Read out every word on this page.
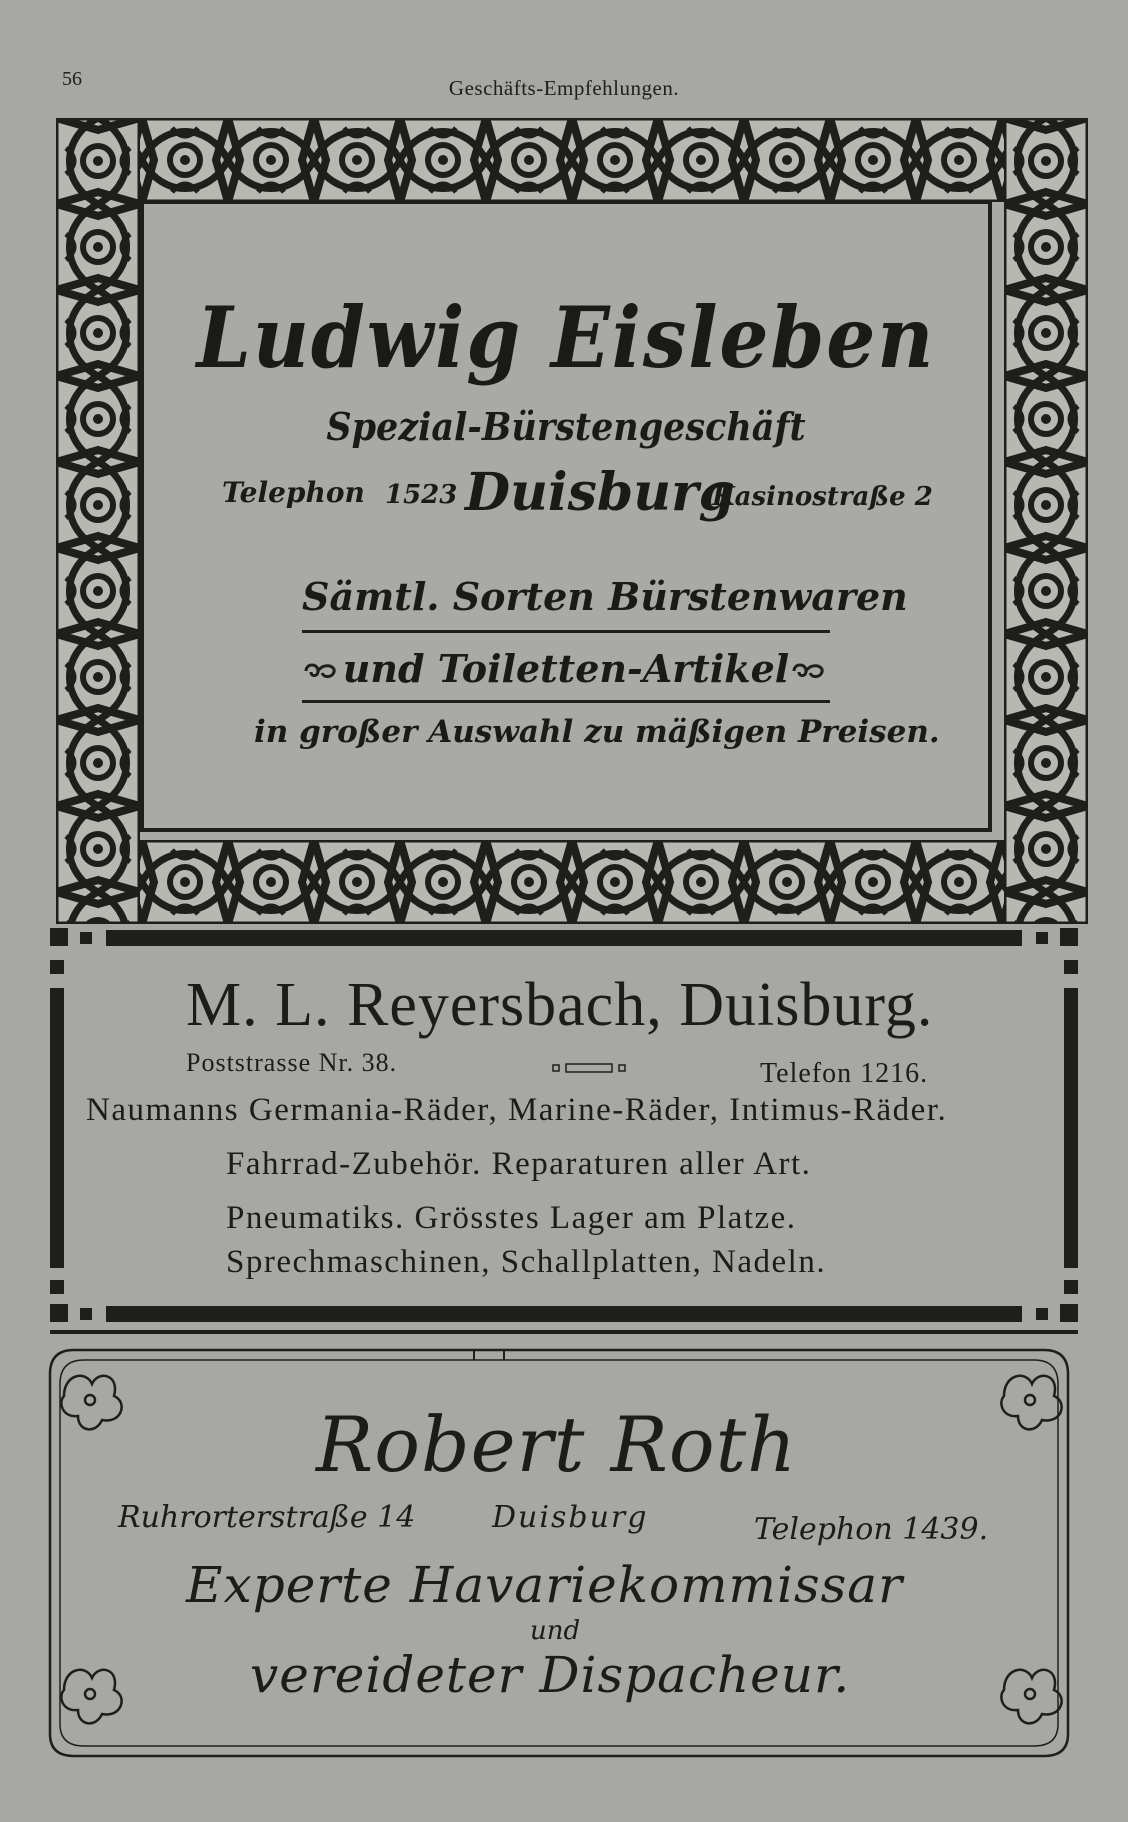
56	Geschäfts-Empfehlungen.
Ludwig Eisleben
Spezial-Bürstengeschäft
Telephon 1523 Duisburg
Kasinostraße 2
Sämtl. Sorten Bürstenwaren
und Toiletten-Artikel
in großer Auswahl zu mäßigen Preisen.
M. L. Reyersbach, Duisburg.
Poststrasse Nr. 38.	Telefon 1216.
Naumanns Germania-Räder, Marine-Räder, Intimus-Räder.
Fahrrad-Zubehör. Reparaturen aller Art.
Pneumatiks. Grösstes Lager am Platze.
Sprechmaschinen, Schallplatten, Nadeln.
Robert Roth
Ruhrorterstraße 14	Duisburg	Telephon 1439.
Experte Havariekommissar
und
vereideter Dispacheur.
